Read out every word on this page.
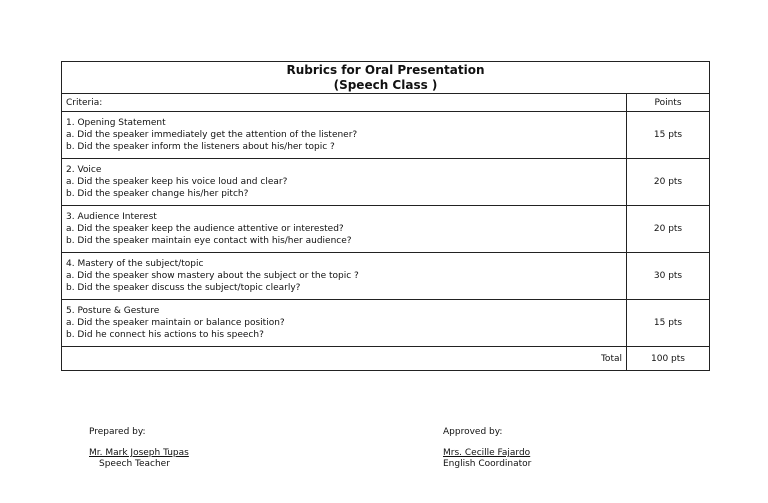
Rubrics for Oral Presentation
(Speech Class )	

Criteria:	Points

1. Opening Statement
a. Did the speaker immediately get the attention of the listener?
b. Did the speaker inform the listeners about his/her topic ?	15 pts

2. Voice
a. Did the speaker keep his voice loud and clear?
b. Did the speaker change his/her pitch?	20 pts

3. Audience Interest
a. Did the speaker keep the audience attentive or interested?
b. Did the speaker maintain eye contact with his/her audience?	20 pts

4. Mastery of the subject/topic
a. Did the speaker show mastery about the subject or the topic ?
b. Did the speaker discuss the subject/topic clearly?	30 pts

5. Posture & Gesture
a. Did the speaker maintain or balance position?
b. Did he connect his actions to his speech?	15 pts
Total	100 pts
Prepared by:
Mr. Mark Joseph Tupas
Speech Teacher
Approved by:
Mrs. Cecille Fajardo
English Coordinator
